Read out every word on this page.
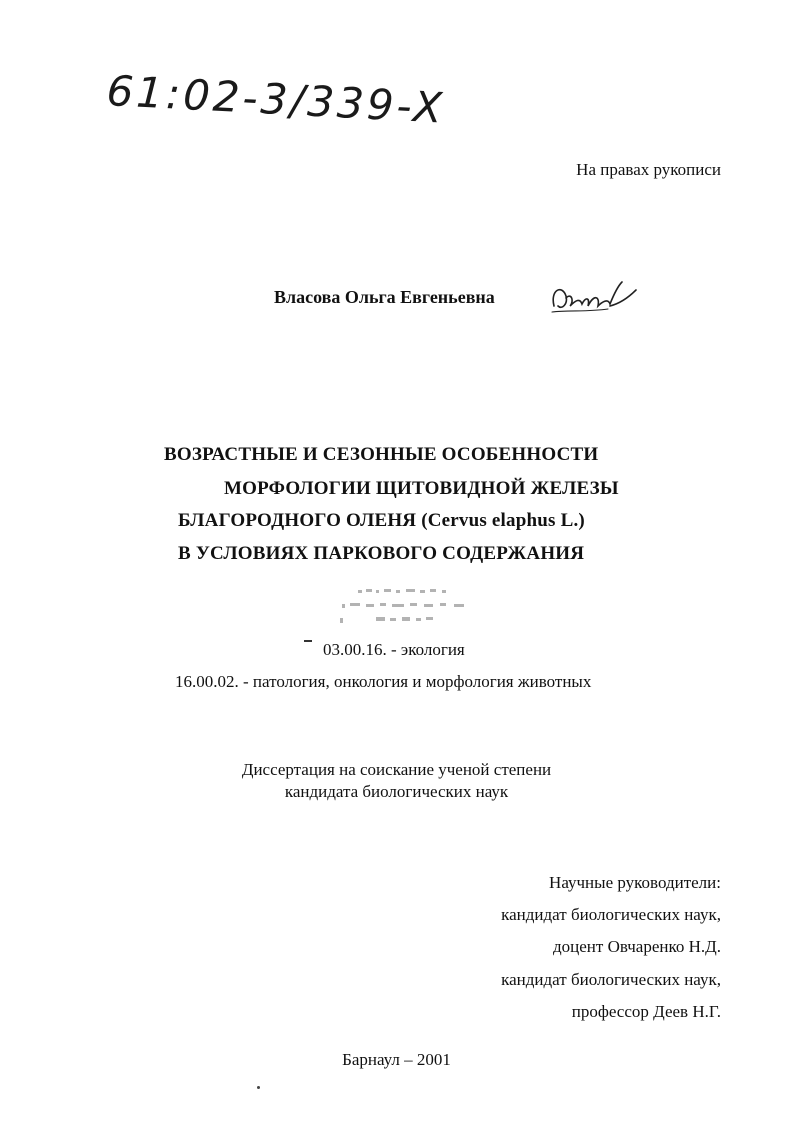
61:02-3/339-X
На правах рукописи
Власова Ольга Евгеньевна
ВОЗРАСТНЫЕ И СЕЗОННЫЕ ОСОБЕННОСТИ
МОРФОЛОГИИ ЩИТОВИДНОЙ ЖЕЛЕЗЫ
БЛАГОРОДНОГО ОЛЕНЯ (Cervus elaphus L.)
В УСЛОВИЯХ ПАРКОВОГО СОДЕРЖАНИЯ
03.00.16. - экология
16.00.02. - патология, онкология и морфология животных
Диссертация на соискание ученой степени
кандидата биологических наук
Научные руководители:
кандидат биологических наук,
доцент Овчаренко Н.Д.
кандидат биологических наук,
профессор Деев Н.Г.
Барнаул – 2001
